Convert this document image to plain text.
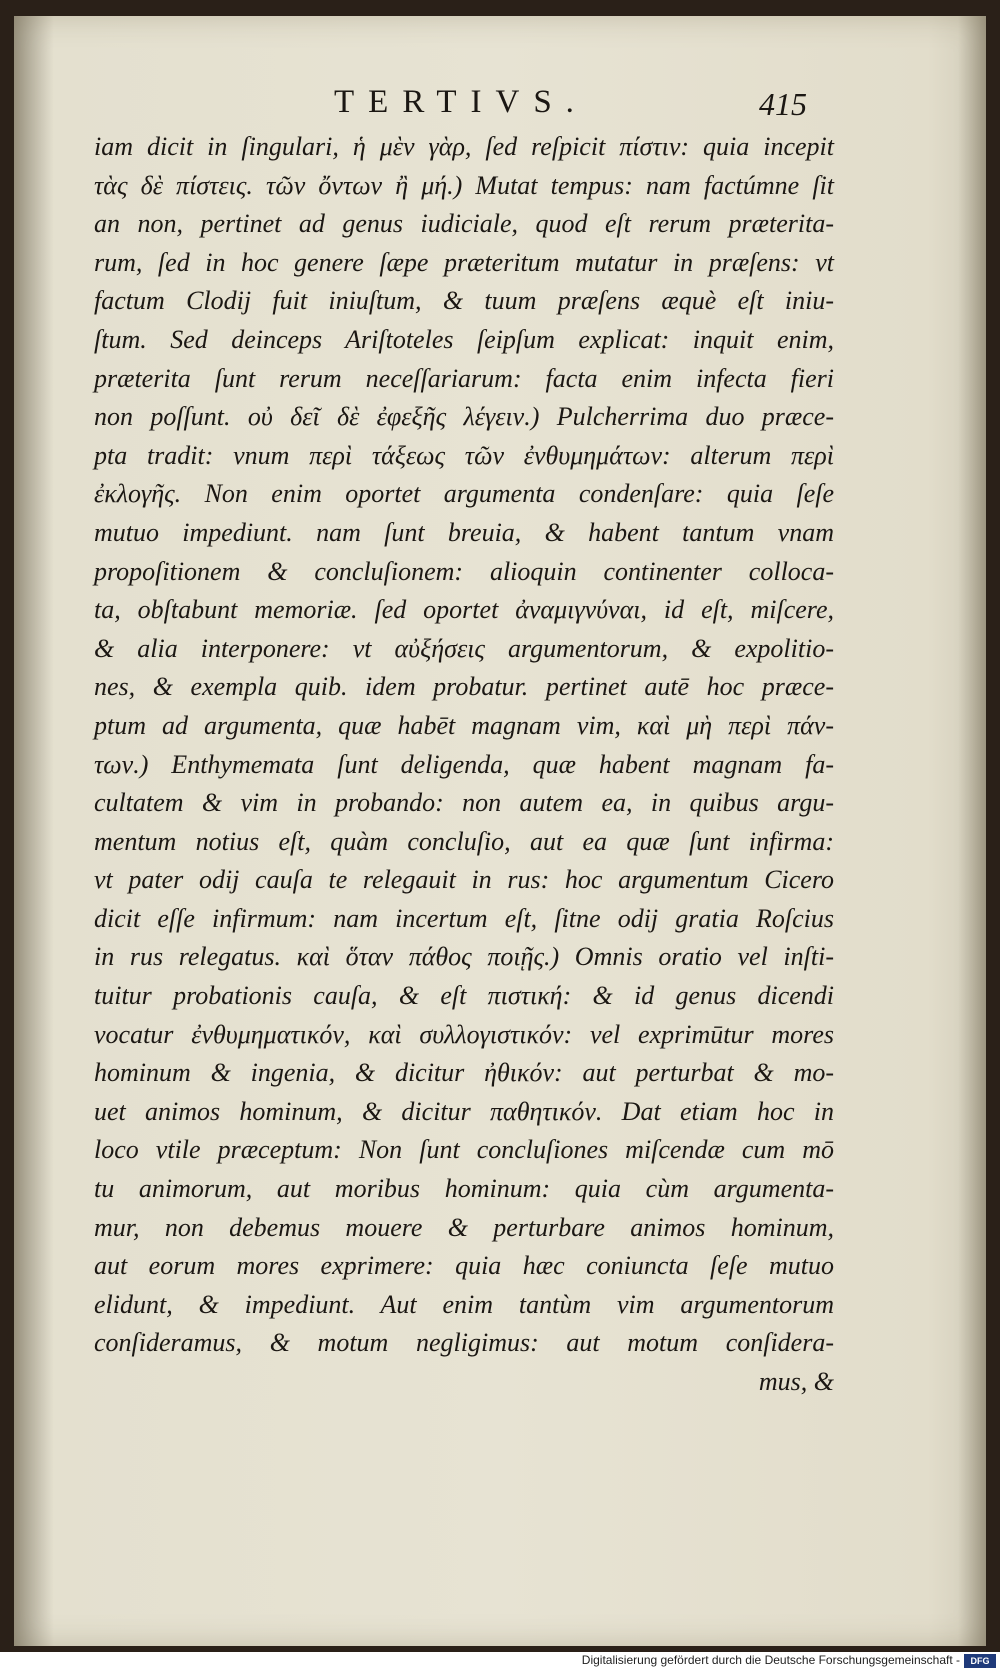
TERTIVS.	415
iam dicit in ſingulari, ἡ μὲν γὰρ, ſed reſpicit πίστιν: quia incepit
τὰς δὲ πίστεις. τῶν ὄντων ἢ μή.) Mutat tempus: nam factúmne ſit
an non, pertinet ad genus iudiciale, quod eſt rerum præterita-
rum, ſed in hoc genere ſæpe præteritum mutatur in præſens: vt
factum Clodij fuit iniuſtum, & tuum præſens æquè eſt iniu-
ſtum. Sed deinceps Ariſtoteles ſeipſum explicat: inquit enim,
præterita ſunt rerum neceſſariarum: facta enim infecta fieri
non poſſunt. οὐ δεῖ δὲ ἐφεξῆς λέγειν.) Pulcherrima duo præce-
pta tradit: vnum περὶ τάξεως τῶν ἐνθυμημάτων: alterum περὶ
ἐκλογῆς. Non enim oportet argumenta condenſare: quia ſeſe
mutuo impediunt. nam ſunt breuia, & habent tantum vnam
propoſitionem & concluſionem: alioquin continenter colloca-
ta, obſtabunt memoriæ. ſed oportet ἀναμιγνύναι, id eſt, miſcere,
& alia interponere: vt αὐξήσεις argumentorum, & expolitio-
nes, & exempla quib. idem probatur. pertinet autē hoc præce-
ptum ad argumenta, quæ habēt magnam vim, καὶ μὴ περὶ πάν-
των.) Enthymemata ſunt deligenda, quæ habent magnam fa-
cultatem & vim in probando: non autem ea, in quibus argu-
mentum notius eſt, quàm concluſio, aut ea quæ ſunt infirma:
vt pater odij cauſa te relegauit in rus: hoc argumentum Cicero
dicit eſſe infirmum: nam incertum eſt, ſitne odij gratia Roſcius
in rus relegatus. καὶ ὅταν πάθος ποιῇς.) Omnis oratio vel inſti-
tuitur probationis cauſa, & eſt πιστική: & id genus dicendi
vocatur ἐνθυμηματικόν, καὶ συλλογιστικόν: vel exprimūtur mores
hominum & ingenia, & dicitur ἠθικόν: aut perturbat & mo-
uet animos hominum, & dicitur παθητικόν. Dat etiam hoc in
loco vtile præceptum: Non ſunt concluſiones miſcendæ cum mō
tu animorum, aut moribus hominum: quia cùm argumenta-
mur, non debemus mouere & perturbare animos hominum,
aut eorum mores exprimere: quia hæc coniuncta ſeſe mutuo
elidunt, & impediunt. Aut enim tantùm vim argumentorum
conſideramus, & motum negligimus: aut motum conſidera-
mus, &
Digitalisierung gefördert durch die Deutsche Forschungsgemeinschaft -	DFG
